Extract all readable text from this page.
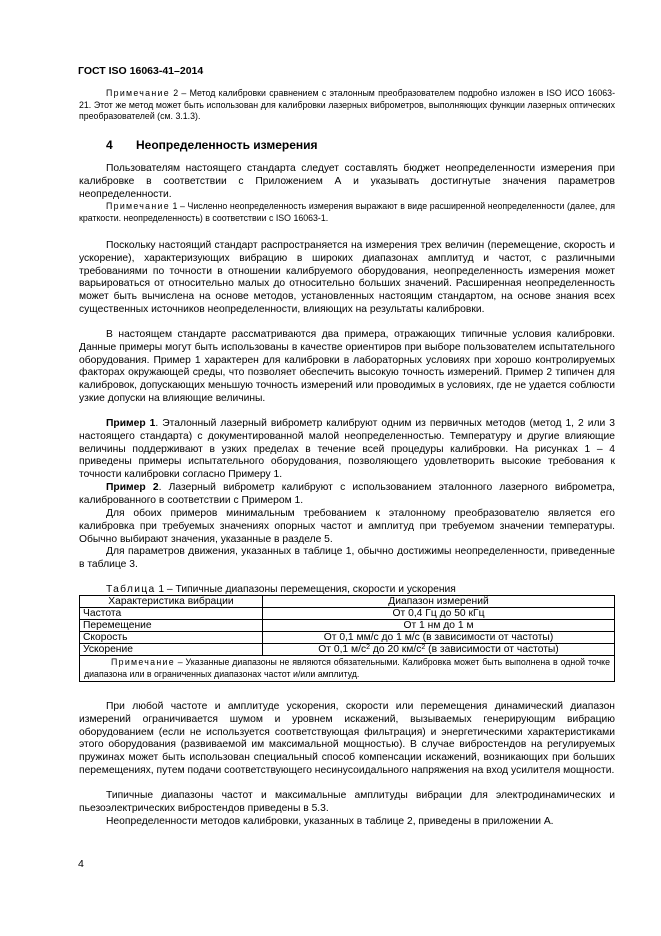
ГОСТ ISO 16063-41–2014
Примечание 2 – Метод калибровки сравнением с эталонным преобразователем подробно изложен в ISO ИСО 16063-21. Этот же метод может быть использован для калибровки лазерных виброметров, выполняющих функции лазерных оптических преобразователей (см. 3.1.3).
4 Неопределенность измерения
Пользователям настоящего стандарта следует составлять бюджет неопределенности измерения при калибровке в соответствии с Приложением А и указывать достигнутые значения параметров неопределенности.
Примечание 1 – Численно неопределенность измерения выражают в виде расширенной неопределенности (далее, для краткости. неопределенность) в соответствии с ISO 16063-1.
Поскольку настоящий стандарт распространяется на измерения трех величин (перемещение, скорость и ускорение), характеризующих вибрацию в широких диапазонах амплитуд и частот, с различными требованиями по точности в отношении калибруемого оборудования, неопределенность измерения может варьироваться от относительно малых до относительно больших значений. Расширенная неопределенность может быть вычислена на основе методов, установленных настоящим стандартом, на основе знания всех существенных источников неопределенности, влияющих на результаты калибровки.
В настоящем стандарте рассматриваются два примера, отражающих типичные условия калибровки. Данные примеры могут быть использованы в качестве ориентиров при выборе пользователем испытательного оборудования. Пример 1 характерен для калибровки в лабораторных условиях при хорошо контролируемых факторах окружающей среды, что позволяет обеспечить высокую точность измерений. Пример 2 типичен для калибровок, допускающих меньшую точность измерений или проводимых в условиях, где не удается соблюсти узкие допуски на влияющие величины.
Пример 1. Эталонный лазерный виброметр калибруют одним из первичных методов (метод 1, 2 или 3 настоящего стандарта) с документированной малой неопределенностью. Температуру и другие влияющие величины поддерживают в узких пределах в течение всей процедуры калибровки. На рисунках 1 – 4 приведены примеры испытательного оборудования, позволяющего удовлетворить высокие требования к точности калибровки согласно Примеру 1.
Пример 2. Лазерный виброметр калибруют с использованием эталонного лазерного виброметра, калиброванного в соответствии с Примером 1.
Для обоих примеров минимальным требованием к эталонному преобразователю является его калибровка при требуемых значениях опорных частот и амплитуд при требуемом значении температуры. Обычно выбирают значения, указанные в разделе 5.
Для параметров движения, указанных в таблице 1, обычно достижимы неопределенности, приведенные в таблице 3.
Таблица 1 – Типичные диапазоны перемещения, скорости и ускорения
Характеристика вибрации	Диапазон измерений
Частота	От 0,4 Гц до 50 кГц
Перемещение	От 1 нм до 1 м
Скорость	От 0,1 мм/с до 1 м/с (в зависимости от частоты)
Ускорение	От 0,1 $м/с^2$ до 20 $км/с^2$ (в зависимости от частоты)
Примечание – Указанные диапазоны не являются обязательными. Калибровка может быть выполнена в одной точке диапазона или в ограниченных диапазонах частот и/или амплитуд.	
При любой частоте и амплитуде ускорения, скорости или перемещения динамический диапазон измерений ограничивается шумом и уровнем искажений, вызываемых генерирующим вибрацию оборудованием (если не используется соответствующая фильтрация) и энергетическими характеристиками этого оборудования (развиваемой им максимальной мощностью). В случае вибростендов на регулируемых пружинах может быть использован специальный способ компенсации искажений, возникающих при больших перемещениях, путем подачи соответствующего несинусоидального напряжения на вход усилителя мощности.
Типичные диапазоны частот и максимальные амплитуды вибрации для электродинамических и пьезоэлектрических вибростендов приведены в 5.3.
Неопределенности методов калибровки, указанных в таблице 2, приведены в приложении А.
4
